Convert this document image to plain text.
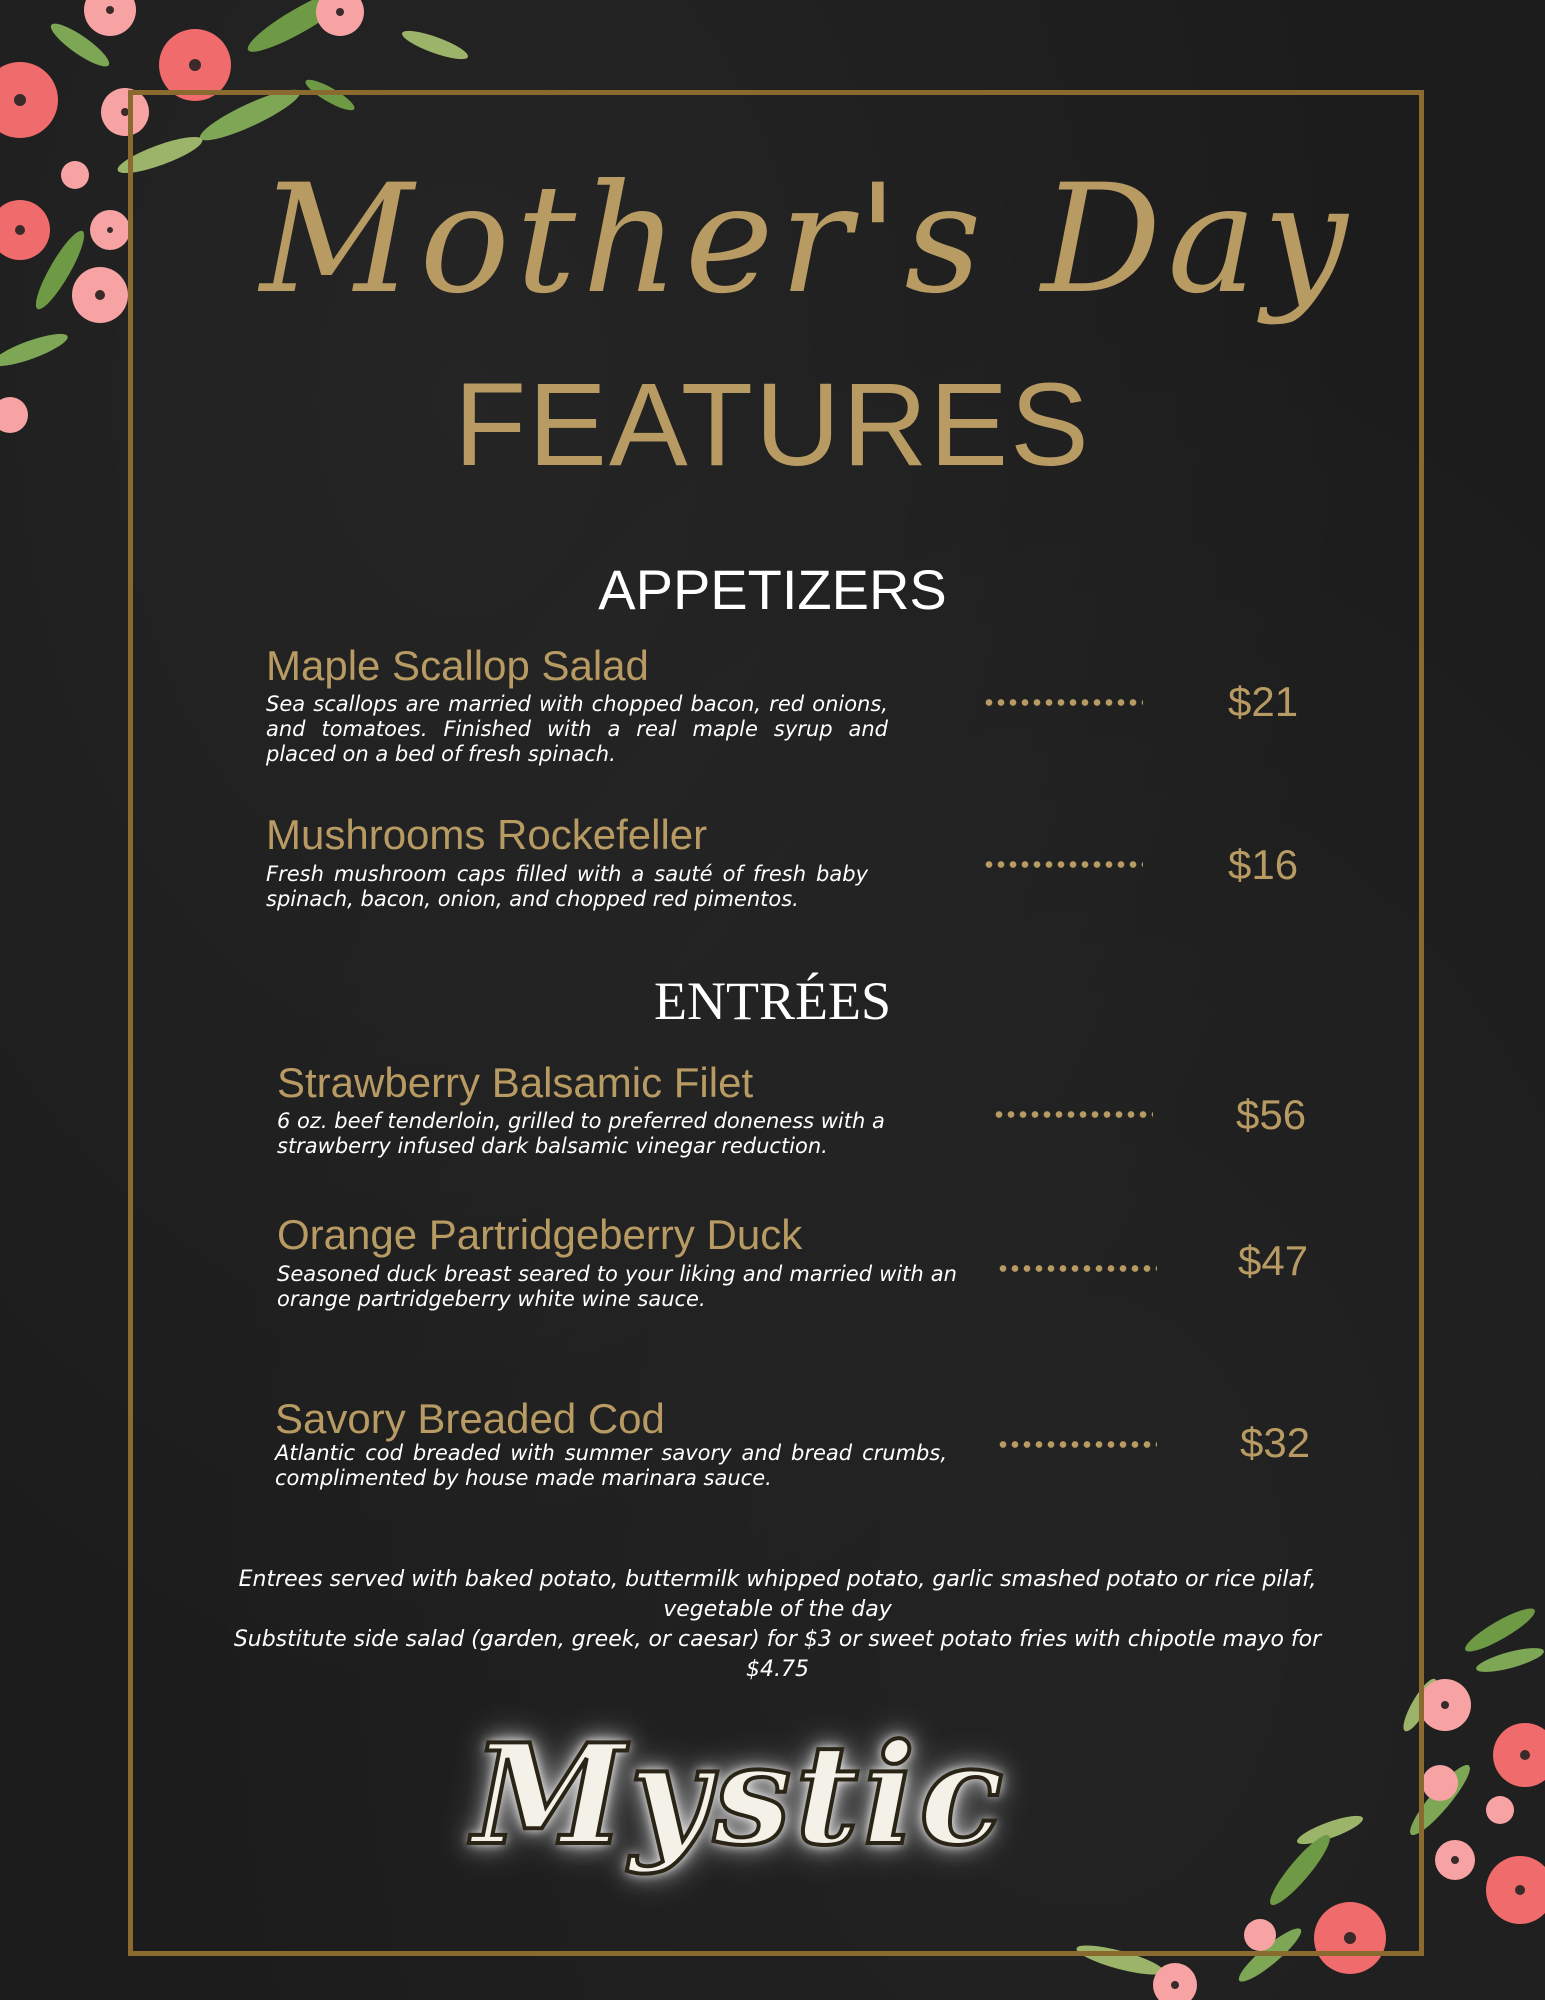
Mother's Day
FEATURES
APPETIZERS
Maple Scallop Salad
Sea scallops are married with chopped bacon, red onions, and tomatoes. Finished with a real maple syrup and placed on a bed of fresh spinach.
$21
Mushrooms Rockefeller
Fresh mushroom caps filled with a sauté of fresh baby spinach, bacon, onion, and chopped red pimentos.
$16
ENTRÉES
Strawberry Balsamic Filet
6 oz. beef tenderloin, grilled to preferred doneness with a strawberry infused dark balsamic vinegar reduction.
$56
Orange Partridgeberry Duck
Seasoned duck breast seared to your liking and married with an orange partridgeberry white wine sauce.
$47
Savory Breaded Cod
Atlantic cod breaded with summer savory and bread crumbs, complimented by house made marinara sauce.
$32
Entrees served with baked potato, buttermilk whipped potato, garlic smashed potato or rice pilaf, vegetable of the day
Substitute side salad (garden, greek, or caesar) for $3 or sweet potato fries with chipotle mayo for $4.75
Mystic
